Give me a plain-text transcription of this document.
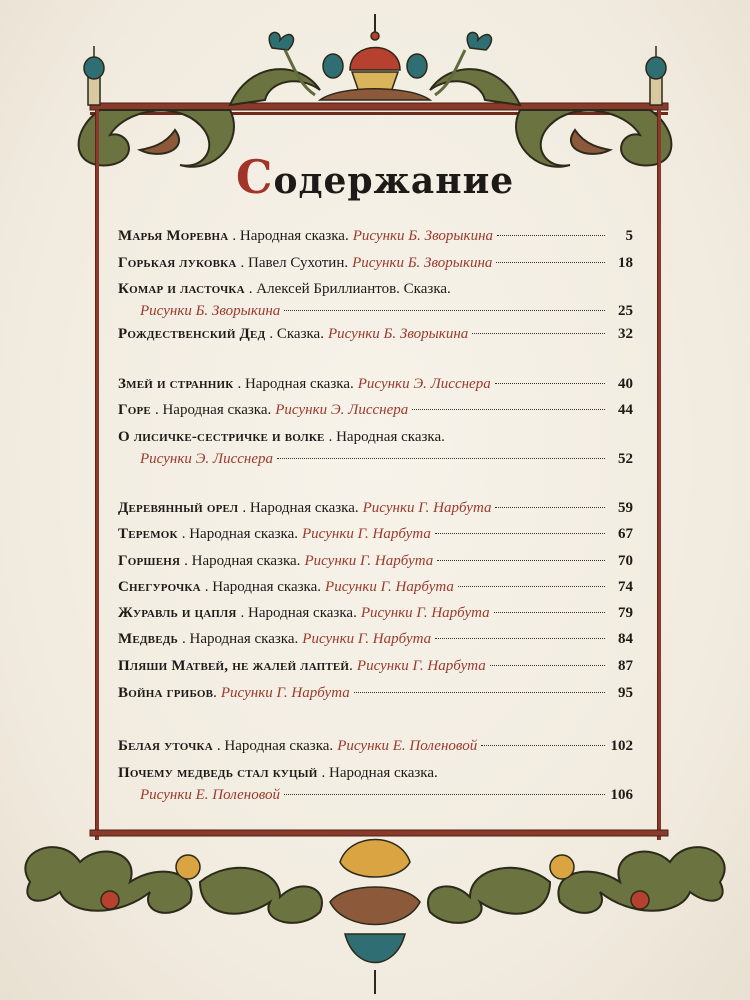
Содержание
Марья Моревна . Народная сказка. Рисунки Б. Зворыкина	5
Горькая луковка . Павел Сухотин. Рисунки Б. Зворыкина	18
Комар и ласточка . Алексей Бриллиантов. Сказка.
Рисунки Б. Зворыкина	25
Рождественский Дед . Сказка. Рисунки Б. Зворыкина	32
Змей и странник . Народная сказка. Рисунки Э. Лисснера	40
Горе . Народная сказка. Рисунки Э. Лисснера	44
О лисичке-сестричке и волке . Народная сказка.
Рисунки Э. Лисснера	52
Деревянный орел . Народная сказка. Рисунки Г. Нарбута	59
Теремок . Народная сказка. Рисунки Г. Нарбута	67
Горшеня . Народная сказка. Рисунки Г. Нарбута	70
Снегурочка . Народная сказка. Рисунки Г. Нарбута	74
Журавль и цапля . Народная сказка. Рисунки Г. Нарбута	79
Медведь . Народная сказка. Рисунки Г. Нарбута	84
Пляши Матвей, не жалей лаптей . Рисунки Г. Нарбута	87
Война грибов . Рисунки Г. Нарбута	95
Белая уточка . Народная сказка. Рисунки Е. Поленовой	102
Почему медведь стал куцый . Народная сказка.
Рисунки Е. Поленовой	106
